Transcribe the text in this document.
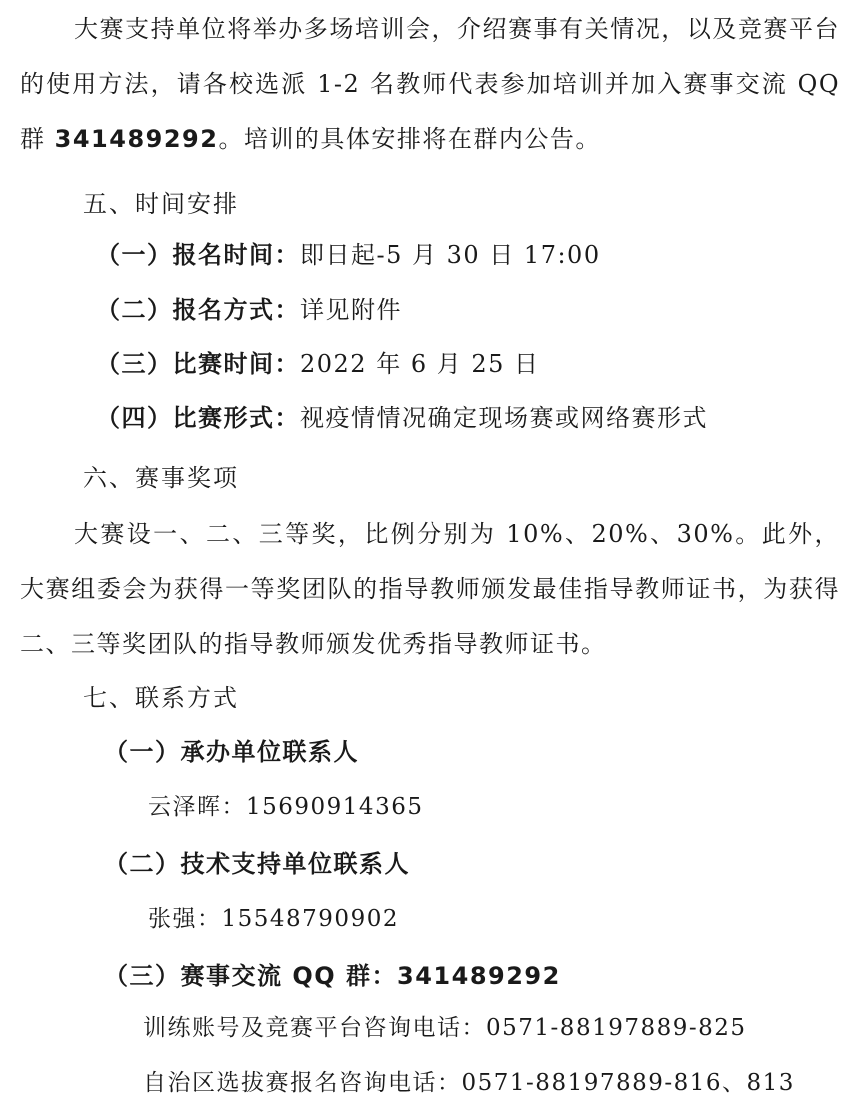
大赛支持单位将举办多场培训会，介绍赛事有关情况，以及竞赛平台的使用方法，请各校选派 1-2 名教师代表参加培训并加入赛事交流 QQ 群 341489292。培训的具体安排将在群内公告。

五、时间安排
（一）报名时间：即日起-5 月 30 日 17:00
（二）报名方式：详见附件
（三）比赛时间：2022 年 6 月 25 日
（四）比赛形式：视疫情情况确定现场赛或网络赛形式
六、赛事奖项

大赛设一、二、三等奖，比例分别为 10%、20%、30%。此外，大赛组委会为获得一等奖团队的指导教师颁发最佳指导教师证书，为获得二、三等奖团队的指导教师颁发优秀指导教师证书。

七、联系方式
（一）承办单位联系人
云泽晖：15690914365
（二）技术支持单位联系人
张强：15548790902
（三）赛事交流 QQ 群：341489292
训练账号及竞赛平台咨询电话：0571-88197889-825
自治区选拔赛报名咨询电话：0571-88197889-816、813
